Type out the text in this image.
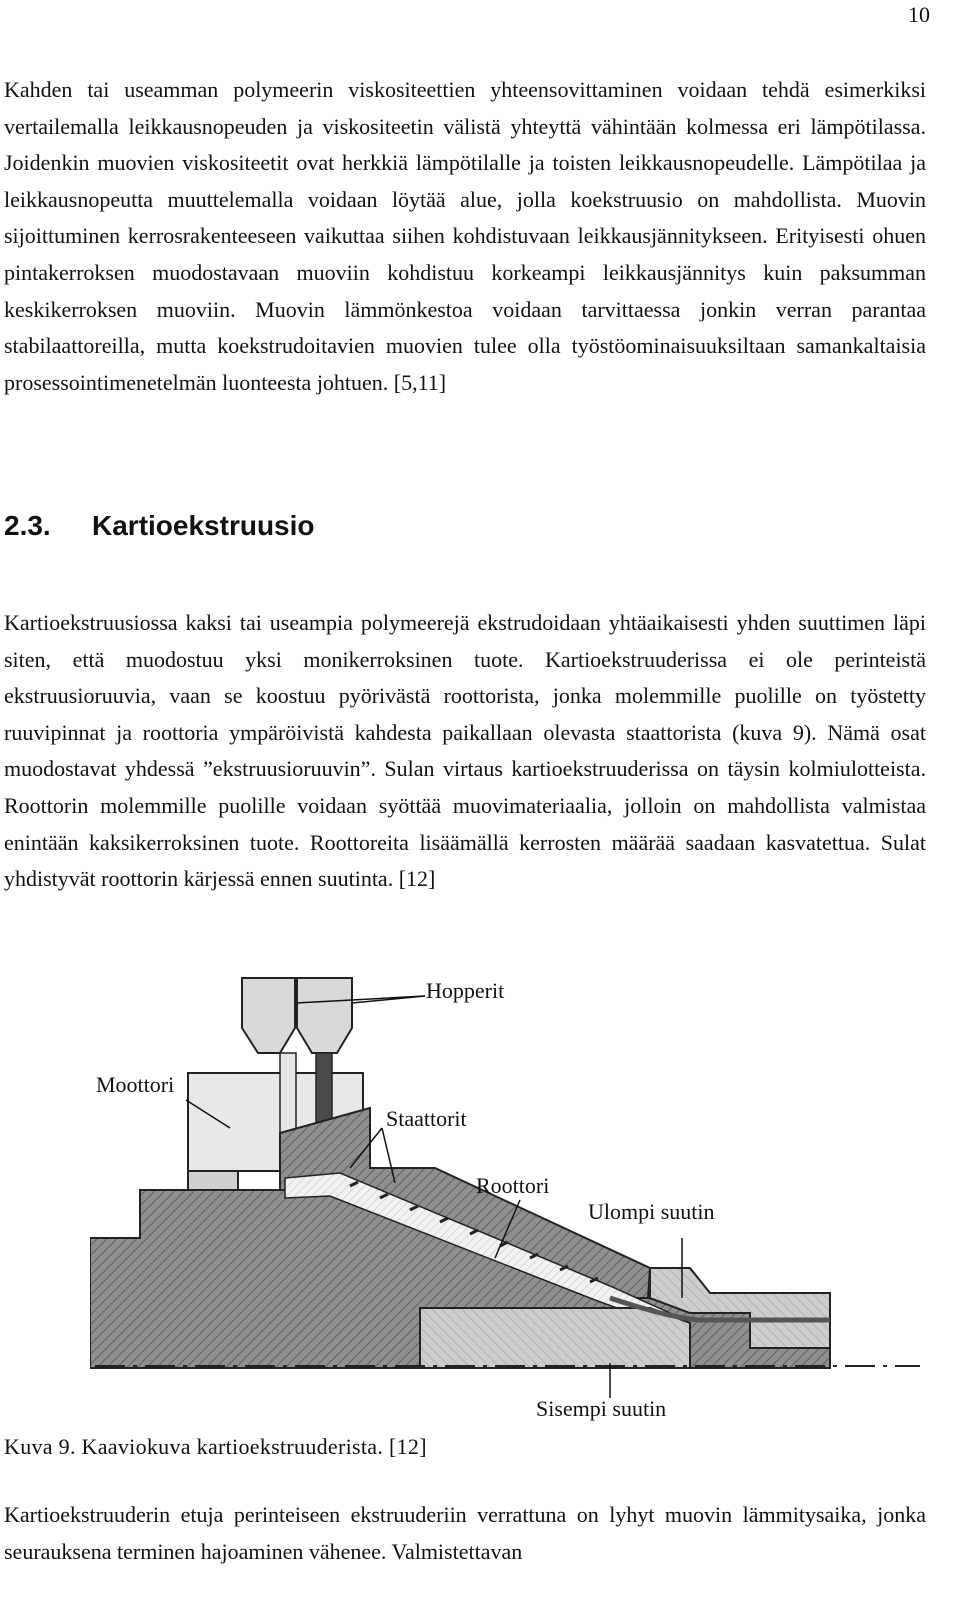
10

Kahden tai useamman polymeerin viskositeettien yhteensovittaminen voidaan tehdä esimerkiksi vertailemalla leikkausnopeuden ja viskositeetin välistä yhteyttä vähintään kolmessa eri lämpötilassa. Joidenkin muovien viskositeetit ovat herkkiä lämpötilalle ja toisten leikkausnopeudelle. Lämpötilaa ja leikkausnopeutta muuttelemalla voidaan löytää alue, jolla koekstruusio on mahdollista. Muovin sijoittuminen kerrosrakenteeseen vaikuttaa siihen kohdistuvaan leikkausjännitykseen. Erityisesti ohuen pintakerroksen muodostavaan muoviin kohdistuu korkeampi leikkausjännitys kuin paksumman keskikerroksen muoviin. Muovin lämmönkestoa voidaan tarvittaessa jonkin verran parantaa stabilaattoreilla, mutta koekstrudoitavien muovien tulee olla työstöominaisuuksiltaan samankaltaisia prosessointimenetelmän luonteesta johtuen. [5,11]

2.3. Kartioekstruusio

Kartioekstruusiossa kaksi tai useampia polymeerejä ekstrudoidaan yhtäaikaisesti yhden suuttimen läpi siten, että muodostuu yksi monikerroksinen tuote. Kartioekstruuderissa ei ole perinteistä ekstruusioruuvia, vaan se koostuu pyörivästä roottorista, jonka molemmille puolille on työstetty ruuvipinnat ja roottoria ympäröivistä kahdesta paikallaan olevasta staattorista (kuva 9). Nämä osat muodostavat yhdessä ”ekstruusioruuvin”. Sulan virtaus kartioekstruuderissa on täysin kolmiulotteista. Roottorin molemmille puolille voidaan syöttää muovimateriaalia, jolloin on mahdollista valmistaa enintään kaksikerroksinen tuote. Roottoreita lisäämällä kerrosten määrää saadaan kasvatettua. Sulat yhdistyvät roottorin kärjessä ennen suutinta. [12]

Hopperit
Moottori
Staattorit
Roottori
Ulompi suutin
Sisempi suutin
Kuva 9. Kaaviokuva kartioekstruuderista. [12]

Kartioekstruuderin etuja perinteiseen ekstruuderiin verrattuna on lyhyt muovin lämmitysaika, jonka seurauksena terminen hajoaminen vähenee. Valmistettavan
